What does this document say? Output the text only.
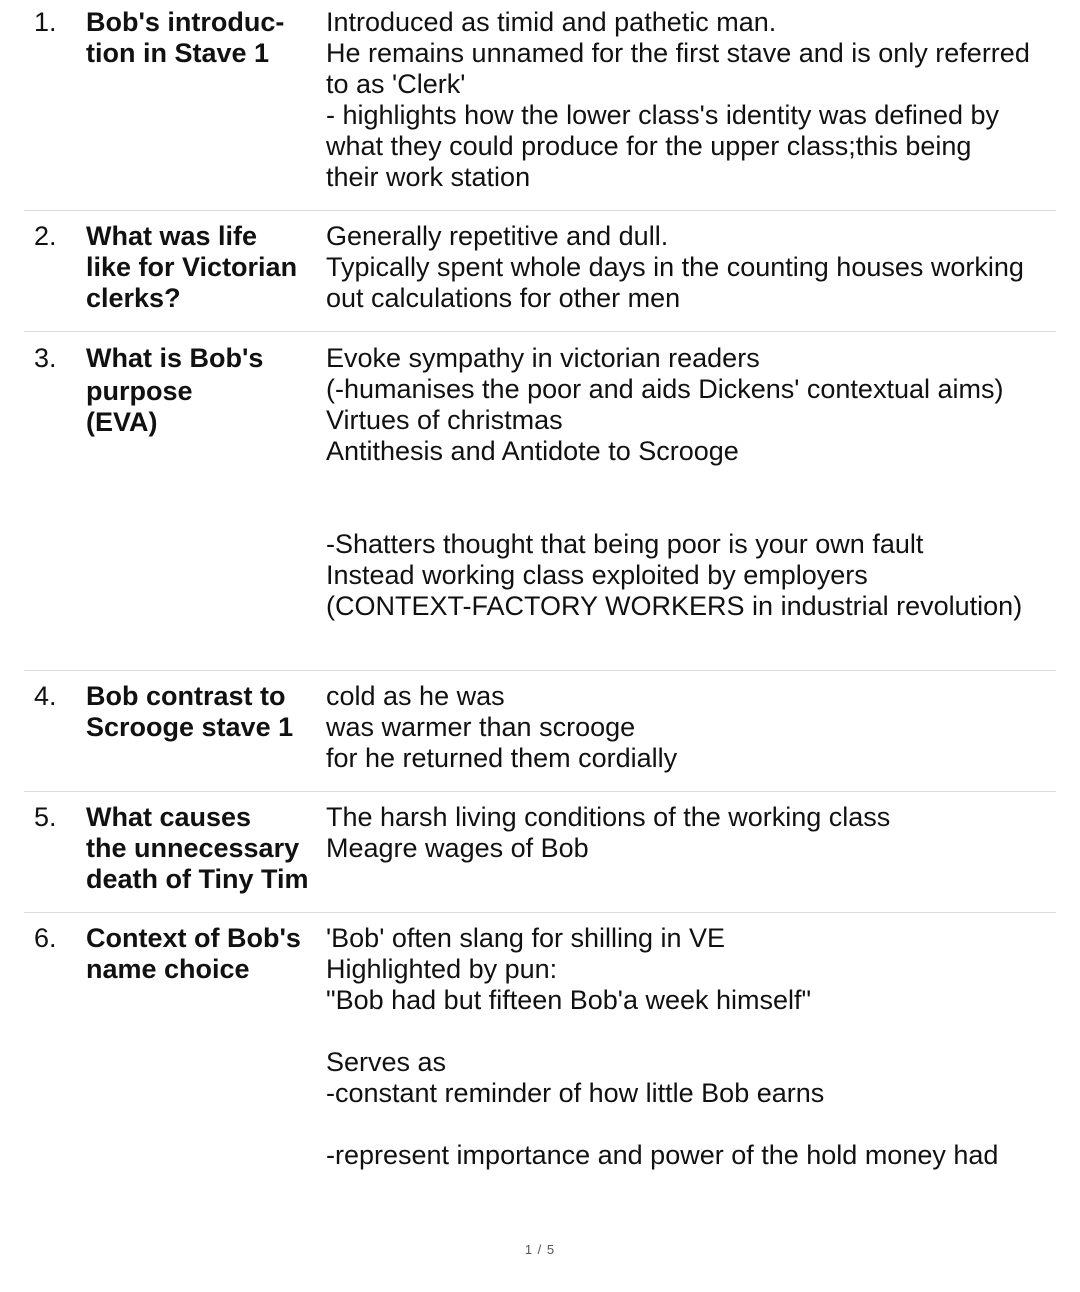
1. Bob's introduc-
tion in Stave 1

Introduced as timid and pathetic man.

He remains unnamed for the first stave and is only referred

to as 'Clerk'

- highlights how the lower class's identity was defined by

what they could produce for the upper class;this being

their work station

2. What was life
like for Victorian
clerks?

Generally repetitive and dull.

Typically spent whole days in the counting houses working

out calculations for other men

3. What is Bob's
purpose
(EVA)

Evoke sympathy in victorian readers

(-humanises the poor and aids Dickens' contextual aims)

Virtues of christmas

Antithesis and Antidote to Scrooge

-Shatters thought that being poor is your own fault

Instead working class exploited by employers

(CONTEXT-FACTORY WORKERS in industrial revolution)

4. Bob contrast to
Scrooge stave 1

cold as he was

was warmer than scrooge

for he returned them cordially

5. What causes
the unnecessary
death of Tiny Tim

The harsh living conditions of the working class

Meagre wages of Bob

6. Context of Bob's
name choice

'Bob' often slang for shilling in VE

Highlighted by pun:

"Bob had but fifteen Bob'a week himself"

Serves as

-constant reminder of how little Bob earns

-represent importance and power of the hold money had

1 / 5
